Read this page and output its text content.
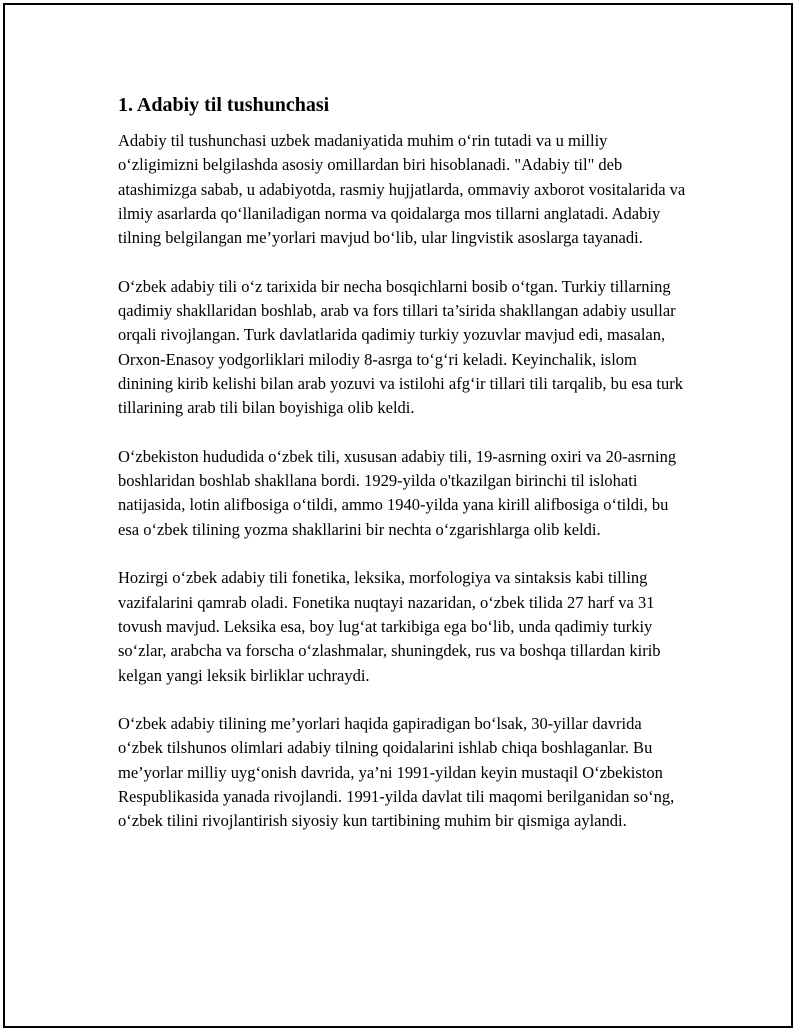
1. Adabiy til tushunchasi

Adabiy til tushunchasi uzbek madaniyatida muhim o‘rin tutadi va u milliy o‘zligimizni belgilashda asosiy omillardan biri hisoblanadi. "Adabiy til" deb atashimizga sabab, u adabiyotda, rasmiy hujjatlarda, ommaviy axborot vositalarida va ilmiy asarlarda qo‘llaniladigan norma va qoidalarga mos tillarni anglatadi. Adabiy tilning belgilangan me’yorlari mavjud bo‘lib, ular lingvistik asoslarga tayanadi.

O‘zbek adabiy tili o‘z tarixida bir necha bosqichlarni bosib o‘tgan. Turkiy tillarning qadimiy shakllaridan boshlab, arab va fors tillari ta’sirida shakllangan adabiy usullar orqali rivojlangan. Turk davlatlarida qadimiy turkiy yozuvlar mavjud edi, masalan, Orxon-Enasoy yodgorliklari milodiy 8-asrga to‘g‘ri keladi. Keyinchalik, islom dinining kirib kelishi bilan arab yozuvi va istilohi afg‘ir tillari tili tarqalib, bu esa turk tillarining arab tili bilan boyishiga olib keldi.

O‘zbekiston hududida o‘zbek tili, xususan adabiy tili, 19-asrning oxiri va 20-asrning boshlaridan boshlab shakllana bordi. 1929-yilda o'tkazilgan birinchi til islohati natijasida, lotin alifbosiga o‘tildi, ammo 1940-yilda yana kirill alifbosiga o‘tildi, bu esa o‘zbek tilining yozma shakllarini bir nechta o‘zgarishlarga olib keldi.

Hozirgi o‘zbek adabiy tili fonetika, leksika, morfologiya va sintaksis kabi tilling vazifalarini qamrab oladi. Fonetika nuqtayi nazaridan, o‘zbek tilida 27 harf va 31 tovush mavjud. Leksika esa, boy lug‘at tarkibiga ega bo‘lib, unda qadimiy turkiy so‘zlar, arabcha va forscha o‘zlashmalar, shuningdek, rus va boshqa tillardan kirib kelgan yangi leksik birliklar uchraydi.

O‘zbek adabiy tilining me’yorlari haqida gapiradigan bo‘lsak, 30-yillar davrida o‘zbek tilshunos olimlari adabiy tilning qoidalarini ishlab chiqa boshlaganlar. Bu me’yorlar milliy uyg‘onish davrida, ya’ni 1991-yildan keyin mustaqil O‘zbekiston Respublikasida yanada rivojlandi. 1991-yilda davlat tili maqomi berilganidan so‘ng, o‘zbek tilini rivojlantirish siyosiy kun tartibining muhim bir qismiga aylandi.
